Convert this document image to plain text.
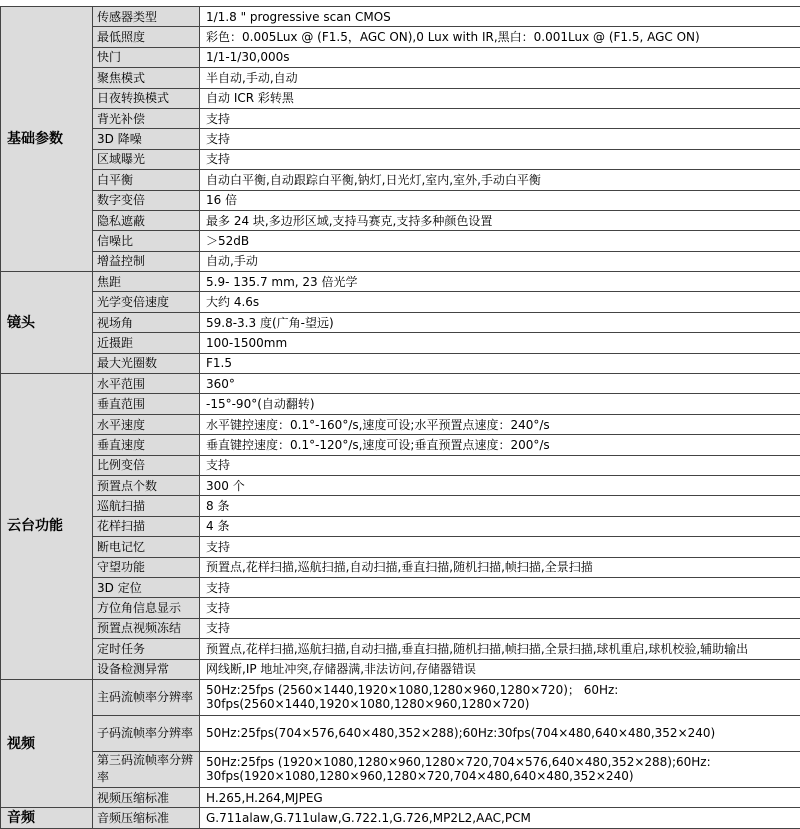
基础参数	传感器类型	1/1.8 " progressive scan CMOS
	最低照度	彩色：0.005Lux @ (F1.5，AGC ON),0 Lux with IR,黑白：0.001Lux @ (F1.5, AGC ON)
	快门	1/1-1/30,000s
	聚焦模式	半自动,手动,自动
	日夜转换模式	自动 ICR 彩转黑
	背光补偿	支持
	3D 降噪	支持
	区域曝光	支持
	白平衡	自动白平衡,自动跟踪白平衡,钠灯,日光灯,室内,室外,手动白平衡
	数字变倍	16 倍
	隐私遮蔽	最多 24 块,多边形区域,支持马赛克,支持多种颜色设置
	信噪比	＞52dB
	增益控制	自动,手动
镜头	焦距	5.9- 135.7 mm, 23 倍光学
	光学变倍速度	大约 4.6s
	视场角	59.8-3.3 度(广角-望远)
	近摄距	100-1500mm
	最大光圈数	F1.5
云台功能	水平范围	360°
	垂直范围	-15°-90°(自动翻转)
	水平速度	水平键控速度：0.1°-160°/s,速度可设;水平预置点速度：240°/s
	垂直速度	垂直键控速度：0.1°-120°/s,速度可设;垂直预置点速度：200°/s
	比例变倍	支持
	预置点个数	300 个
	巡航扫描	8 条
	花样扫描	4 条
	断电记忆	支持
	守望功能	预置点,花样扫描,巡航扫描,自动扫描,垂直扫描,随机扫描,帧扫描,全景扫描
	3D 定位	支持
	方位角信息显示	支持
	预置点视频冻结	支持
	定时任务	预置点,花样扫描,巡航扫描,自动扫描,垂直扫描,随机扫描,帧扫描,全景扫描,球机重启,球机校验,辅助输出
	设备检测异常	网线断,IP 地址冲突,存储器满,非法访问,存储器错误
视频	主码流帧率分辨率	50Hz:25fps (2560×1440,1920×1080,1280×960,1280×720)； 60Hz: 30fps(2560×1440,1920×1080,1280×960,1280×720)
	子码流帧率分辨率	50Hz:25fps(704×576,640×480,352×288);60Hz:30fps(704×480,640×480,352×240)
	第三码流帧率分辨率	50Hz:25fps (1920×1080,1280×960,1280×720,704×576,640×480,352×288);60Hz: 30fps(1920×1080,1280×960,1280×720,704×480,640×480,352×240)
	视频压缩标准	H.265,H.264,MJPEG
音频	音频压缩标准	G.711alaw,G.711ulaw,G.722.1,G.726,MP2L2,AAC,PCM
